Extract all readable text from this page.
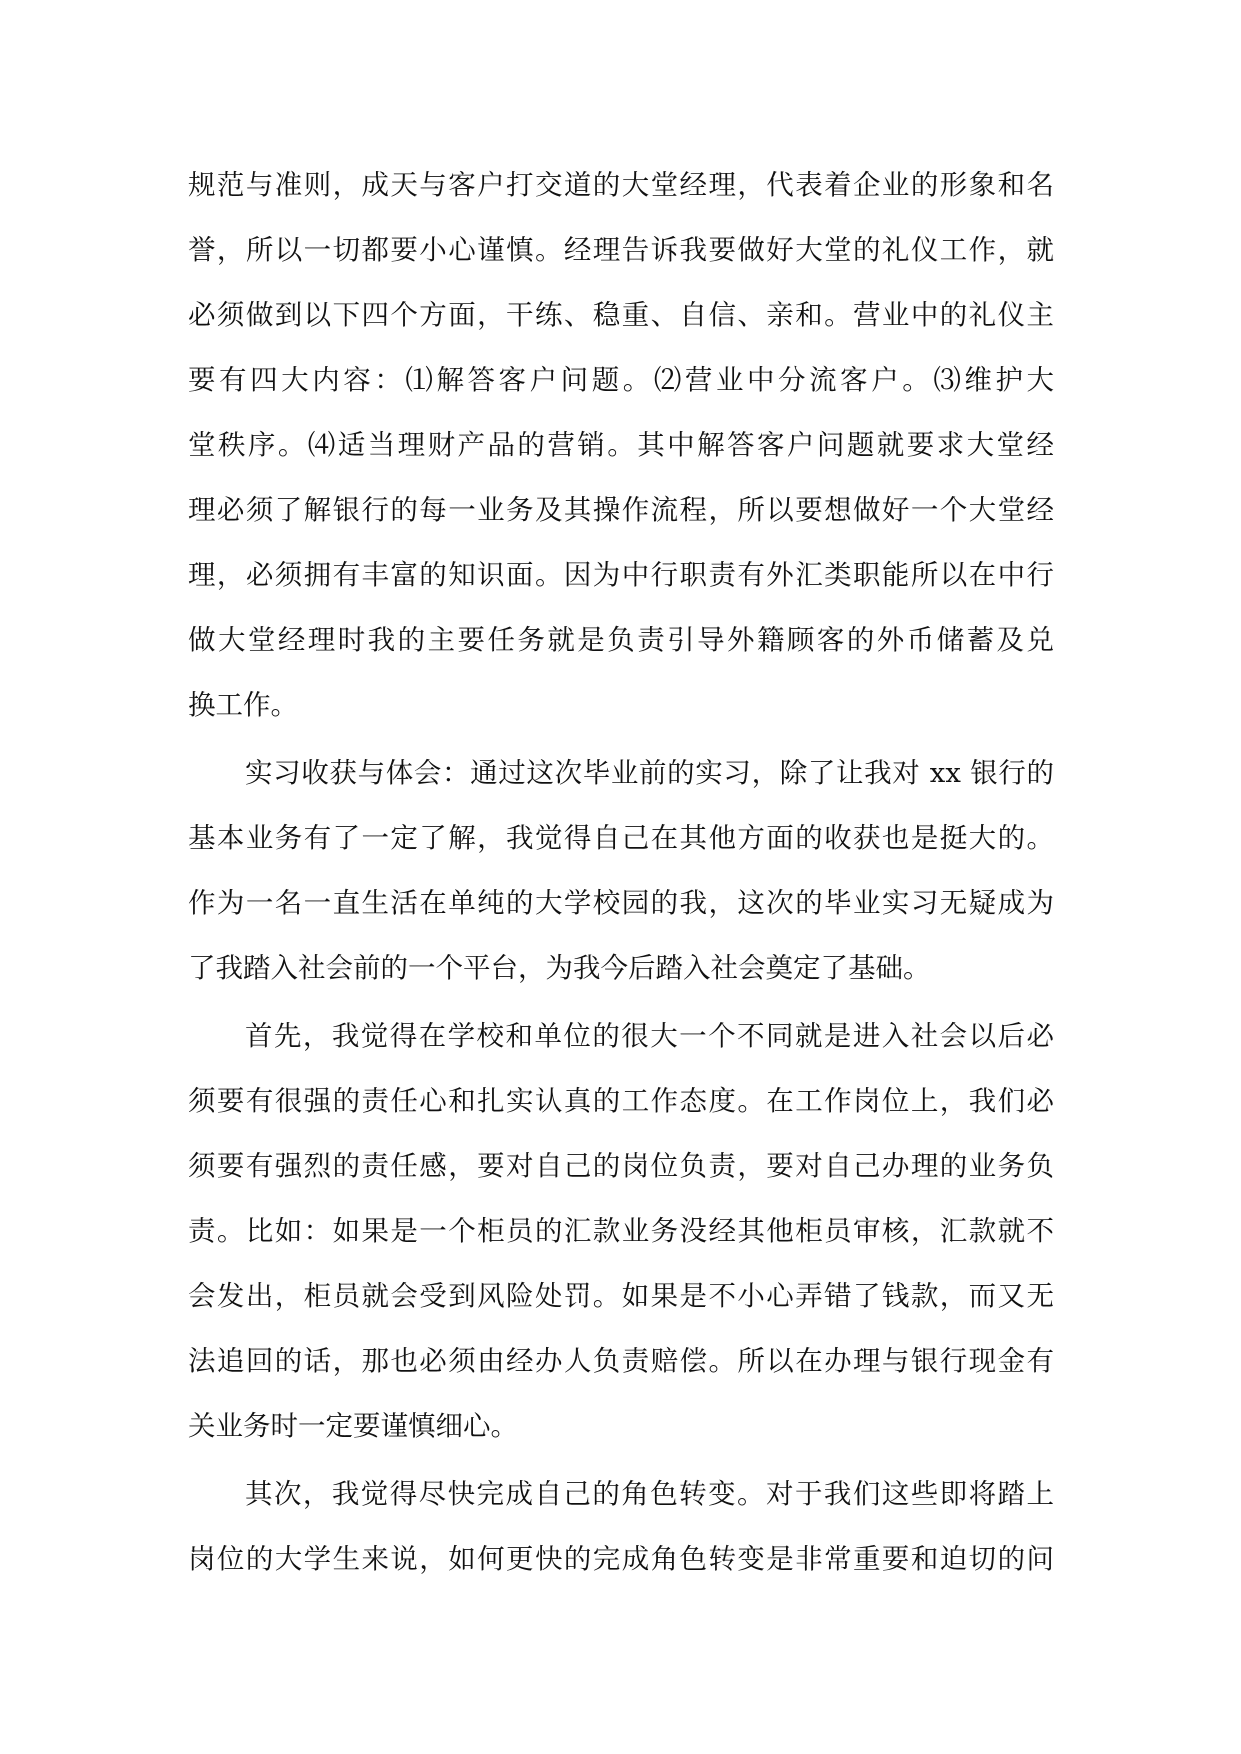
规范与准则，成天与客户打交道的大堂经理，代表着企业的形象和名
誉，所以一切都要小心谨慎。经理告诉我要做好大堂的礼仪工作，就
必须做到以下四个方面，干练、稳重、自信、亲和。营业中的礼仪主
要有四大内容：⑴解答客户问题。⑵营业中分流客户。⑶维护大
堂秩序。⑷适当理财产品的营销。其中解答客户问题就要求大堂经
理必须了解银行的每一业务及其操作流程，所以要想做好一个大堂经
理，必须拥有丰富的知识面。因为中行职责有外汇类职能所以在中行
做大堂经理时我的主要任务就是负责引导外籍顾客的外币储蓄及兑
换工作。
实习收获与体会：通过这次毕业前的实习，除了让我对 xx 银行的
基本业务有了一定了解，我觉得自己在其他方面的收获也是挺大的。
作为一名一直生活在单纯的大学校园的我，这次的毕业实习无疑成为
了我踏入社会前的一个平台，为我今后踏入社会奠定了基础。
首先，我觉得在学校和单位的很大一个不同就是进入社会以后必
须要有很强的责任心和扎实认真的工作态度。在工作岗位上，我们必
须要有强烈的责任感，要对自己的岗位负责，要对自己办理的业务负
责。比如：如果是一个柜员的汇款业务没经其他柜员审核，汇款就不
会发出，柜员就会受到风险处罚。如果是不小心弄错了钱款，而又无
法追回的话，那也必须由经办人负责赔偿。所以在办理与银行现金有
关业务时一定要谨慎细心。
其次，我觉得尽快完成自己的角色转变。对于我们这些即将踏上
岗位的大学生来说，如何更快的完成角色转变是非常重要和迫切的问
